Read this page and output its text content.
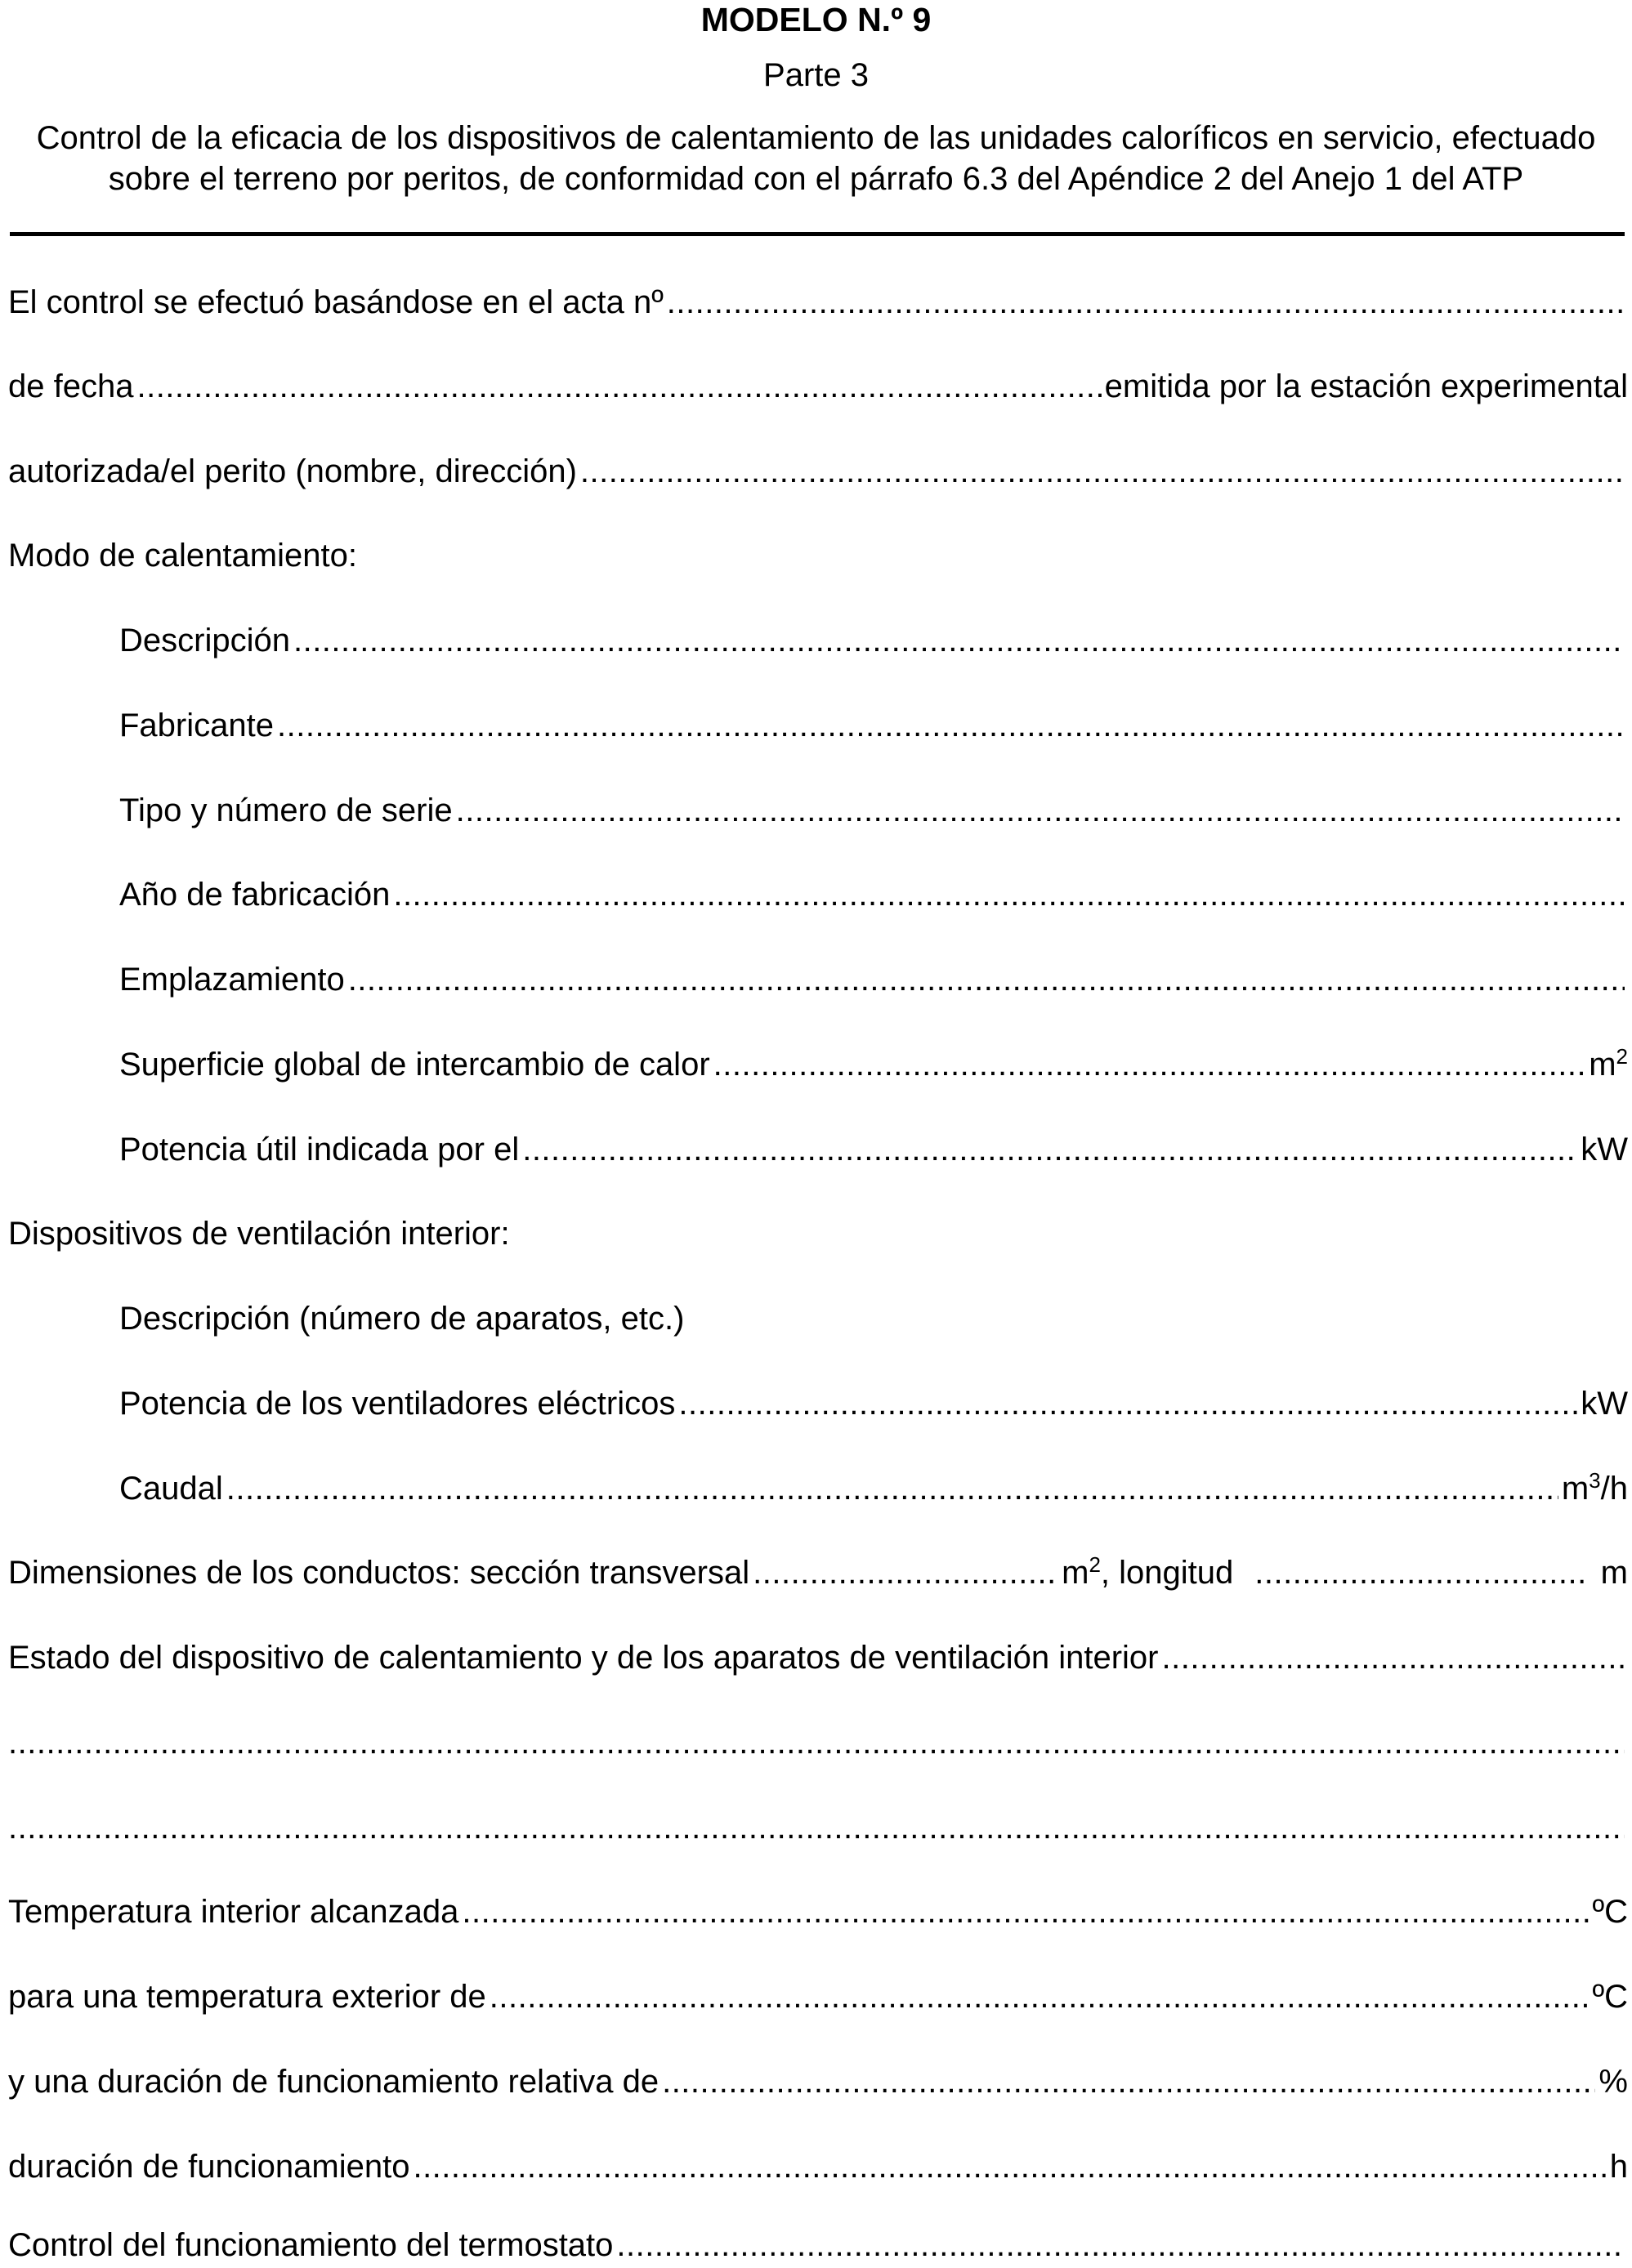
MODELO N.º 9
Parte 3
Control de la eficacia de los dispositivos de calentamiento de las unidades caloríficos en servicio, efectuado
sobre el terreno por peritos, de conformidad con el párrafo 6.3 del Apéndice 2 del Anejo 1 del ATP
El control se efectuó basándose en el acta nº
.....
de fecha .....	emitida por la estación experimental
autorizada/el perito (nombre, dirección)
.....
Modo de calentamiento:
Descripción
.....
Fabricante
.....
Tipo y número de serie
.....
Año de fabricación
.....
Emplazamiento
.....
Superficie global de intercambio de calor .....	$m^2$
Potencia útil indicada por el .....	kW
Dispositivos de ventilación interior:
Descripción (número de aparatos, etc.)
Potencia de los ventiladores eléctricos .....	kW
Caudal .....	$m^3/h$
Dimensiones de los conductos: sección transversal .....	$m^2$, longitud .....	m
Estado del dispositivo de calentamiento y de los aparatos de ventilación interior
.....
.....
.....
Temperatura interior alcanzada .....	ºC
para una temperatura exterior de .....	ºC
y una duración de funcionamiento relativa de .....	%
duración de funcionamiento .....	h
Control del funcionamiento del termostato
.....
